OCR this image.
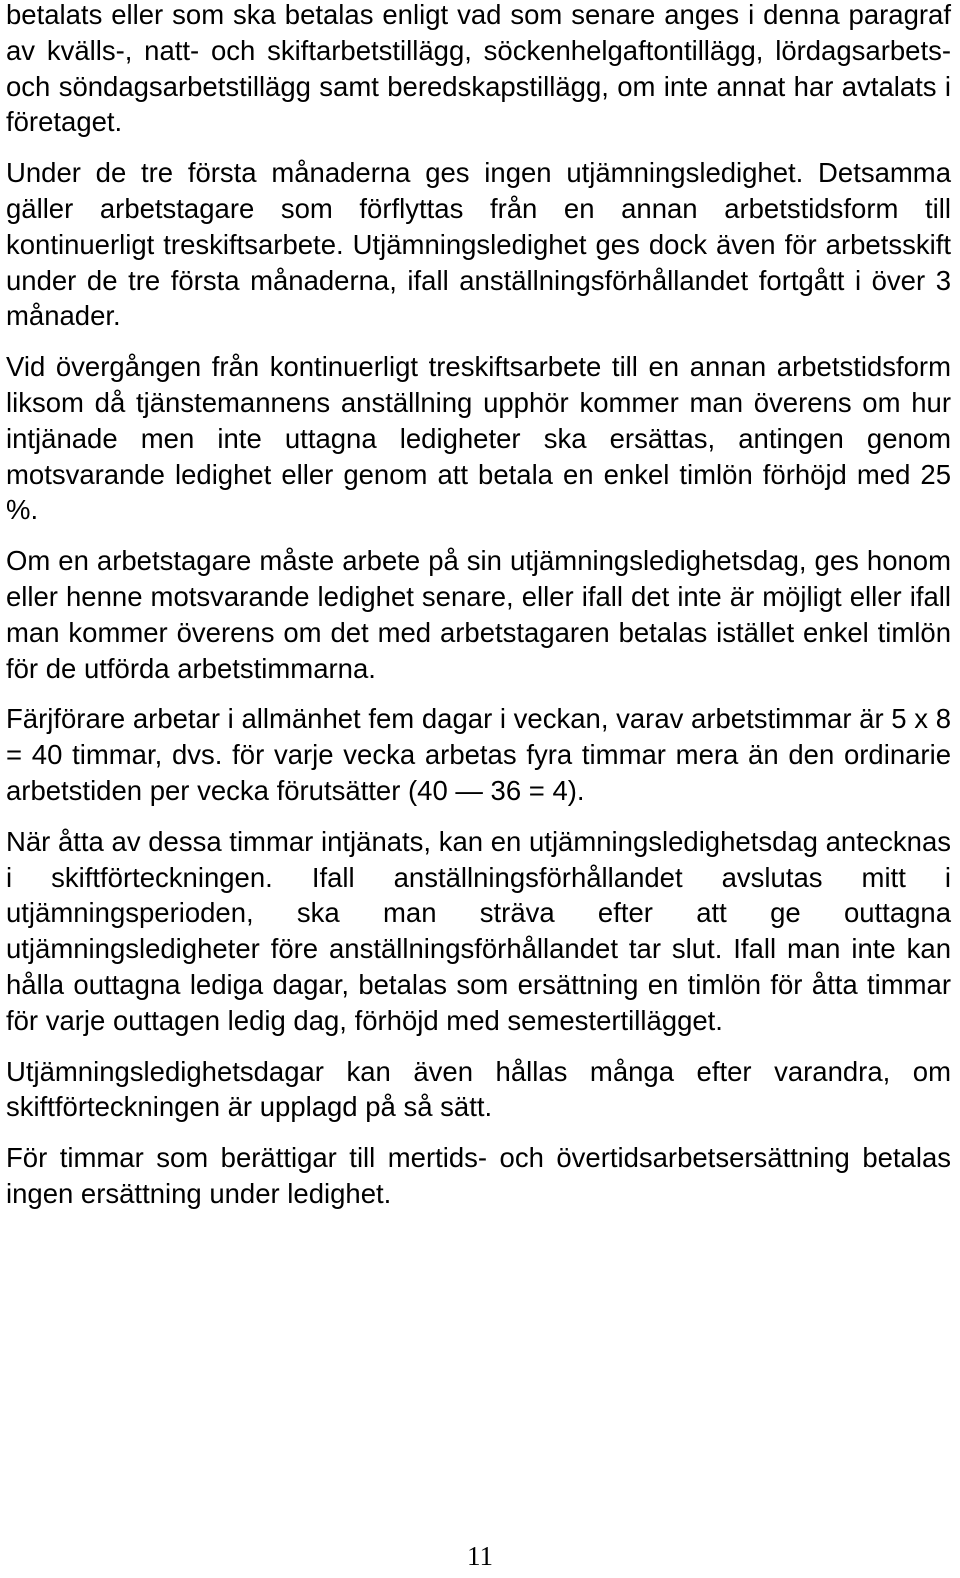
betalats eller som ska betalas enligt vad som senare anges i denna paragraf av kvälls-, natt- och skiftarbetstillägg, söckenhelgaftontillägg, lördagsarbets- och söndagsarbetstillägg samt beredskapstillägg, om inte annat har avtalats i företaget.

Under de tre första månaderna ges ingen utjämningsledighet. Detsamma gäller arbetstagare som förflyttas från en annan arbetstidsform till kontinuerligt treskiftsarbete. Utjämningsledighet ges dock även för arbetsskift under de tre första månaderna, ifall anställningsförhållandet fortgått i över 3 månader.

Vid övergången från kontinuerligt treskiftsarbete till en annan arbetstidsform liksom då tjänstemannens anställning upphör kommer man överens om hur intjänade men inte uttagna ledigheter ska ersättas, antingen genom motsvarande ledighet eller genom att betala en enkel timlön förhöjd med 25 %.

Om en arbetstagare måste arbete på sin utjämningsledighetsdag, ges honom eller henne motsvarande ledighet senare, eller ifall det inte är möjligt eller ifall man kommer överens om det med arbetstagaren betalas istället enkel timlön för de utförda arbetstimmarna.

Färjförare arbetar i allmänhet fem dagar i veckan, varav arbetstimmar är 5 x 8 = 40 timmar, dvs. för varje vecka arbetas fyra timmar mera än den ordinarie arbetstiden per vecka förutsätter (40 — 36 = 4).

När åtta av dessa timmar intjänats, kan en utjämningsledighetsdag antecknas i skiftförteckningen. Ifall anställningsförhållandet avslutas mitt i utjämningsperioden, ska man sträva efter att ge outtagna utjämningsledigheter före anställningsförhållandet tar slut. Ifall man inte kan hålla outtagna lediga dagar, betalas som ersättning en timlön för åtta timmar för varje outtagen ledig dag, förhöjd med semestertillägget.

Utjämningsledighetsdagar kan även hållas många efter varandra, om skiftförteckningen är upplagd på så sätt.

För timmar som berättigar till mertids- och övertidsarbetsersättning betalas ingen ersättning under ledighet.

11
